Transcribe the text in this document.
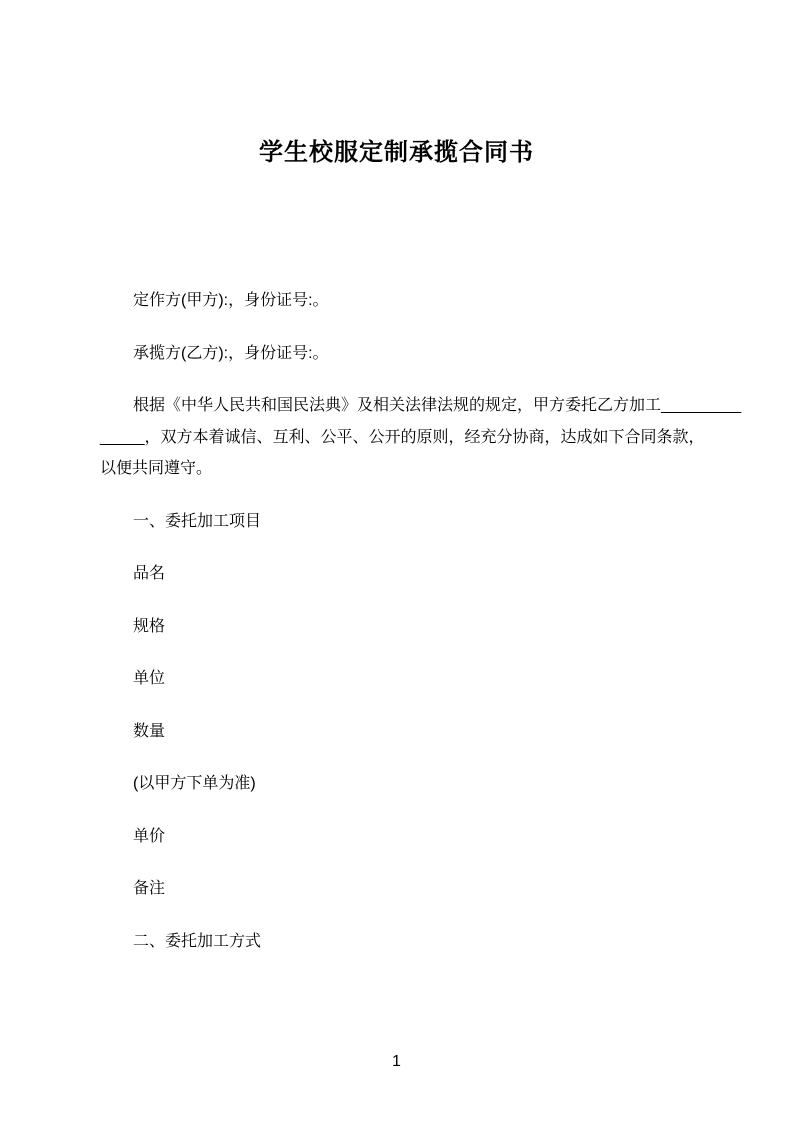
学生校服定制承揽合同书

定作方(甲方):，身份证号:。

承揽方(乙方):，身份证号:。

根据《中华人民共和国民法典》及相关法律法规的规定，甲方委托乙方加工_________

_____，双方本着诚信、互利、公平、公开的原则，经充分协商，达成如下合同条款，

以便共同遵守。

一、委托加工项目

品名

规格

单位

数量

(以甲方下单为准)

单价

备注

二、委托加工方式

1
